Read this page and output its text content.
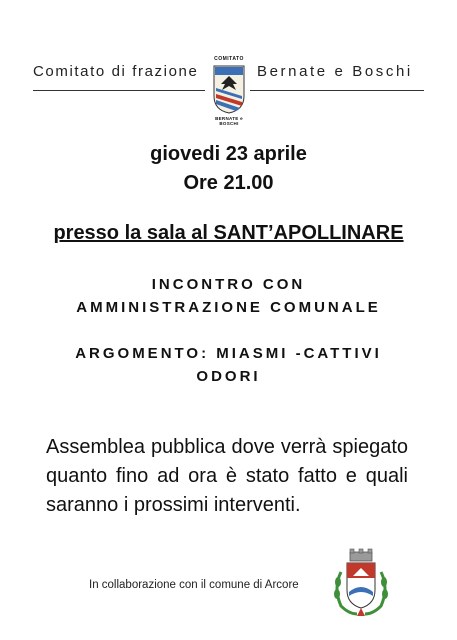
Comitato di frazione
COMITATO
BERNATE e BOSCHI
Bernate e Boschi
giovedi 23 aprile
Ore 21.00
presso la sala al SANT’APOLLINARE
INCONTRO CON
AMMINISTRAZIONE COMUNALE
ARGOMENTO: MIASMI -CATTIVI
ODORI
Assemblea pubblica dove verrà spiegato quanto fino ad ora è stato fatto e quali saranno i prossimi interventi.
In collaborazione con il comune di Arcore
